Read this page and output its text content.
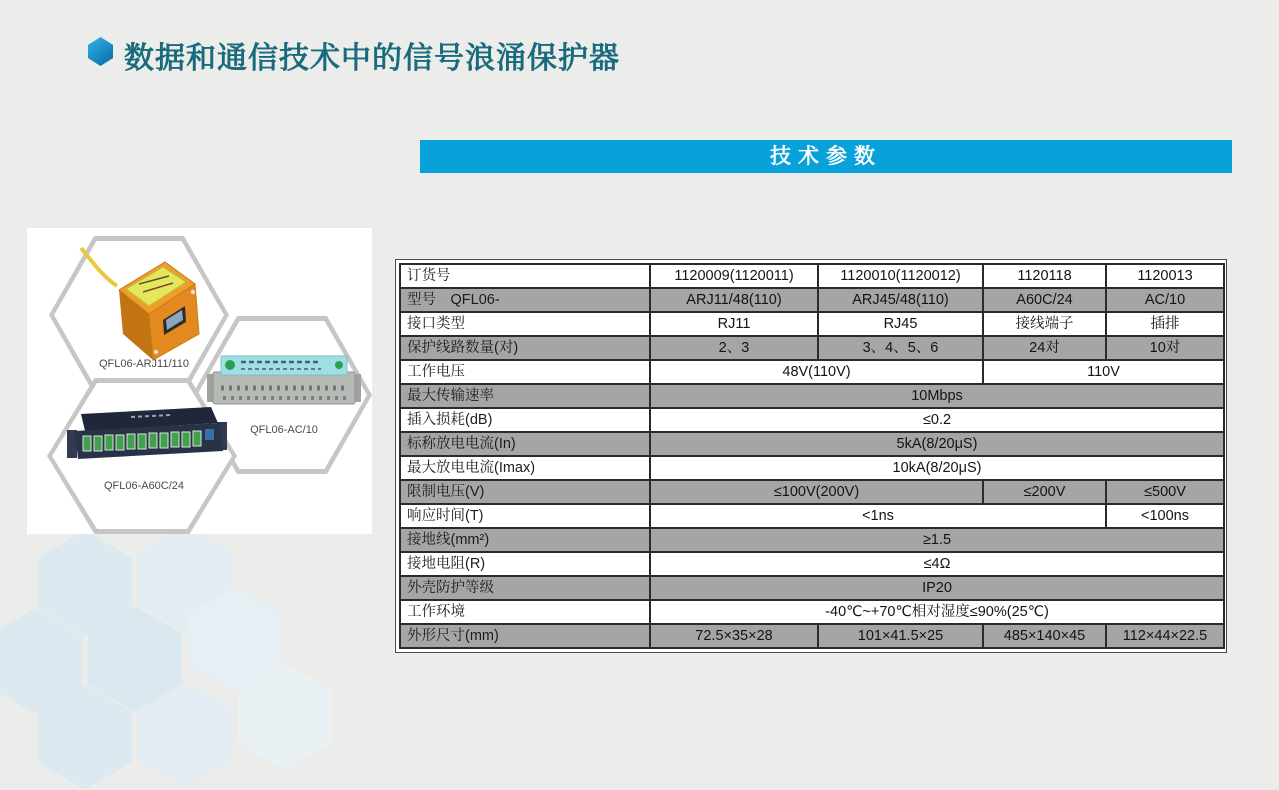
数据和通信技术中的信号浪涌保护器
技术参数
QFL06-ARJ11/110
QFL06-AC/10
QFL06-A60C/24
订货号	1120009(1120011)	1120010(1120012)	1120118	1120013
型号　QFL06-	ARJ11/48(110)	ARJ45/48(110)	A60C/24	AC/10
接口类型	RJ11	RJ45	接线端子	插排
保护线路数量(对)	2、3	3、4、5、6	24对	10对
工作电压	48V(110V)		110V	
最大传输速率	10Mbps			
插入损耗(dB)	≤0.2			
标称放电电流(In)	5kA(8/20μS)			
最大放电电流(Imax)	10kA(8/20μS)			
限制电压(V)	≤100V(200V)		≤200V	≤500V
响应时间(T)	<1ns			<100ns
接地线(mm²)	≥1.5			
接地电阻(R)	≤4Ω			
外壳防护等级	IP20			
工作环境	-40℃~+70℃相对湿度≤90%(25℃)			
外形尺寸(mm)	72.5×35×28	101×41.5×25	485×140×45	112×44×22.5
